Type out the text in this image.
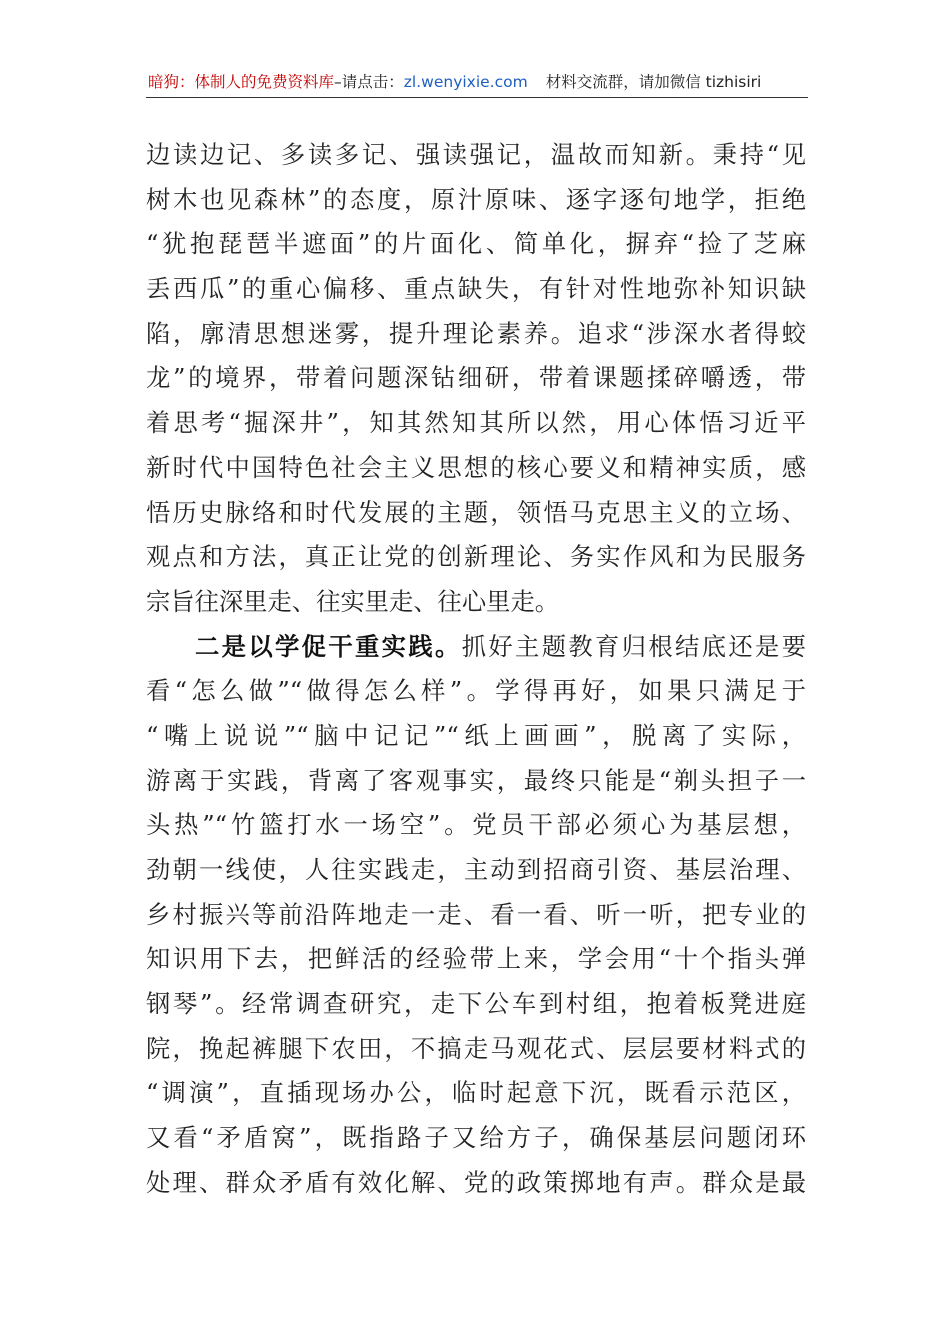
暗狗：体制人的免费资料库–请点击：zl.wenyixie.com 材料交流群，请加微信 tizhisiri
边读边记、多读多记、强读强记，温故而知新。秉持“见
树木也见森林”的态度，原汁原味、逐字逐句地学，拒绝
“犹抱琵琶半遮面”的片面化、简单化，摒弃“捡了芝麻
丢西瓜”的重心偏移、重点缺失，有针对性地弥补知识缺
陷，廓清思想迷雾，提升理论素养。追求“涉深水者得蛟
龙”的境界，带着问题深钻细研，带着课题揉碎嚼透，带
着思考“掘深井”，知其然知其所以然，用心体悟习近平
新时代中国特色社会主义思想的核心要义和精神实质，感
悟历史脉络和时代发展的主题，领悟马克思主义的立场、
观点和方法，真正让党的创新理论、务实作风和为民服务
宗旨往深里走、往实里走、往心里走。
二是以学促干重实践。抓好主题教育归根结底还是要
看“怎么做”“做得怎么样”。学得再好，如果只满足于
“嘴上说说”“脑中记记”“纸上画画”，脱离了实际，
游离于实践，背离了客观事实，最终只能是“剃头担子一
头热”“竹篮打水一场空”。党员干部必须心为基层想，
劲朝一线使，人往实践走，主动到招商引资、基层治理、
乡村振兴等前沿阵地走一走、看一看、听一听，把专业的
知识用下去，把鲜活的经验带上来，学会用“十个指头弹
钢琴”。经常调查研究，走下公车到村组，抱着板凳进庭
院，挽起裤腿下农田，不搞走马观花式、层层要材料式的
“调演”，直插现场办公，临时起意下沉，既看示范区，
又看“矛盾窝”，既指路子又给方子，确保基层问题闭环
处理、群众矛盾有效化解、党的政策掷地有声。群众是最
